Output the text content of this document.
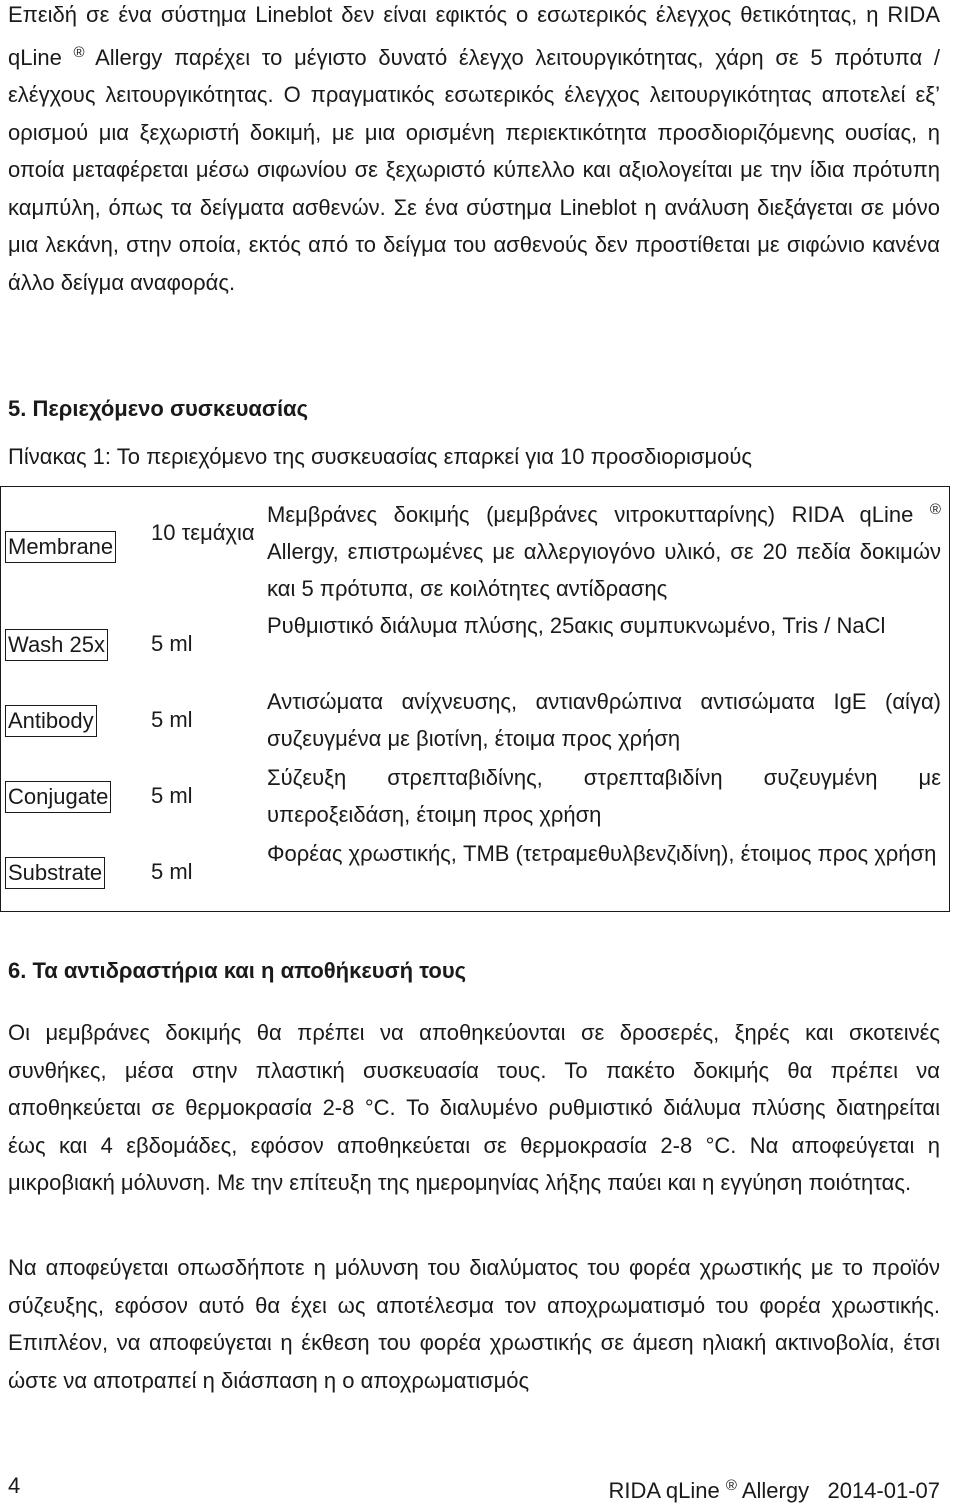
Επειδή σε ένα σύστημα Lineblot δεν είναι εφικτός ο εσωτερικός έλεγχος θετικότητας, η RIDA qLine ® Allergy παρέχει το μέγιστο δυνατό έλεγχο λειτουργικότητας, χάρη σε 5 πρότυπα / ελέγχους λειτουργικότητας. Ο πραγματικός εσωτερικός έλεγχος λειτουργικότητας αποτελεί εξ’ ορισμού μια ξεχωριστή δοκιμή, με μια ορισμένη περιεκτικότητα προσδιοριζόμενης ουσίας, η οποία μεταφέρεται μέσω σιφωνίου σε ξεχωριστό κύπελλο και αξιολογείται με την ίδια πρότυπη καμπύλη, όπως τα δείγματα ασθενών. Σε ένα σύστημα Lineblot η ανάλυση διεξάγεται σε μόνο μια λεκάνη, στην οποία, εκτός από το δείγμα του ασθενούς δεν προστίθεται με σιφώνιο κανένα άλλο δείγμα αναφοράς.

5. Περιεχόμενο συσκευασίας

Πίνακας 1: Το περιεχόμενο της συσκευασίας επαρκεί για 10 προσδιορισμούς

Membrane	10 τεμάχια	Μεμβράνες δοκιμής (μεμβράνες νιτροκυτταρίνης) RIDA qLine ® Allergy, επιστρωμένες με αλλεργιογόνο υλικό, σε 20 πεδία δοκιμών και 5 πρότυπα, σε κοιλότητες αντίδρασης
Wash 25x	5 ml	Ρυθμιστικό διάλυμα πλύσης, 25ακις συμπυκνωμένο, Tris / NaCl
Antibody	5 ml	Αντισώματα ανίχνευσης, αντιανθρώπινα αντισώματα IgE (αίγα) συζευγμένα με βιοτίνη, έτοιμα προς χρήση
Conjugate	5 ml	Σύζευξη στρεπταβιδίνης, στρεπταβιδίνη συζευγμένη με υπεροξειδάση, έτοιμη προς χρήση
Substrate	5 ml	Φορέας χρωστικής, TMB (τετραμεθυλβενζιδίνη), έτοιμος προς χρήση
6. Τα αντιδραστήρια και η αποθήκευσή τους

Οι μεμβράνες δοκιμής θα πρέπει να αποθηκεύονται σε δροσερές, ξηρές και σκοτεινές συνθήκες, μέσα στην πλαστική συσκευασία τους. Το πακέτο δοκιμής θα πρέπει να αποθηκεύεται σε θερμοκρασία 2-8 °C. Το διαλυμένο ρυθμιστικό διάλυμα πλύσης διατηρείται έως και 4 εβδομάδες, εφόσον αποθηκεύεται σε θερμοκρασία 2-8 °C. Να αποφεύγεται η μικροβιακή μόλυνση. Με την επίτευξη της ημερομηνίας λήξης παύει και η εγγύηση ποιότητας.

Να αποφεύγεται οπωσδήποτε η μόλυνση του διαλύματος του φορέα χρωστικής με το προϊόν σύζευξης, εφόσον αυτό θα έχει ως αποτέλεσμα τον αποχρωματισμό του φορέα χρωστικής. Επιπλέον, να αποφεύγεται η έκθεση του φορέα χρωστικής σε άμεση ηλιακή ακτινοβολία, έτσι ώστε να αποτραπεί η διάσπαση η ο αποχρωματισμός

4	RIDA qLine ® Allergy 2014-01-07
